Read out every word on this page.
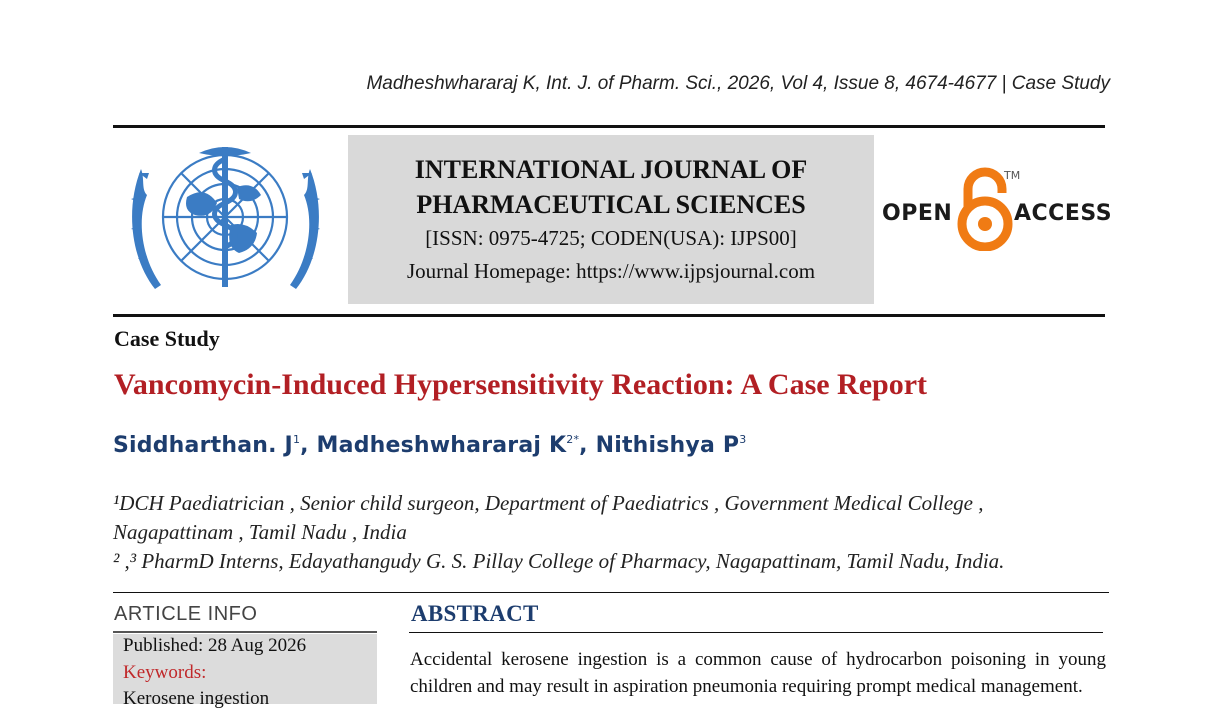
Madheshwhararaj K, Int. J. of Pharm. Sci., 2026, Vol 4, Issue 8, 4674-4677 | Case Study
INTERNATIONAL JOURNAL OF
PHARMACEUTICAL SCIENCES
[ISSN: 0975-4725; CODEN(USA): IJPS00]
Journal Homepage: https://www.ijpsjournal.com
OPEN	ACCESS
TM
Case Study
Vancomycin-Induced Hypersensitivity Reaction: A Case Report
Siddharthan. $J^1$, Madheshwhararaj $K^{2*}$, Nithishya $P^3$
¹DCH Paediatrician , Senior child surgeon, Department of Paediatrics , Government Medical College ,
Nagapattinam , Tamil Nadu , India
² ,³ PharmD Interns, Edayathangudy G. S. Pillay College of Pharmacy, Nagapattinam, Tamil Nadu, India.
ARTICLE INFO
Published: 28 Aug 2026
Keywords:
Kerosene ingestion
ABSTRACT
Accidental kerosene ingestion is a common cause of hydrocarbon poisoning in young
children and may result in aspiration pneumonia requiring prompt medical management.
